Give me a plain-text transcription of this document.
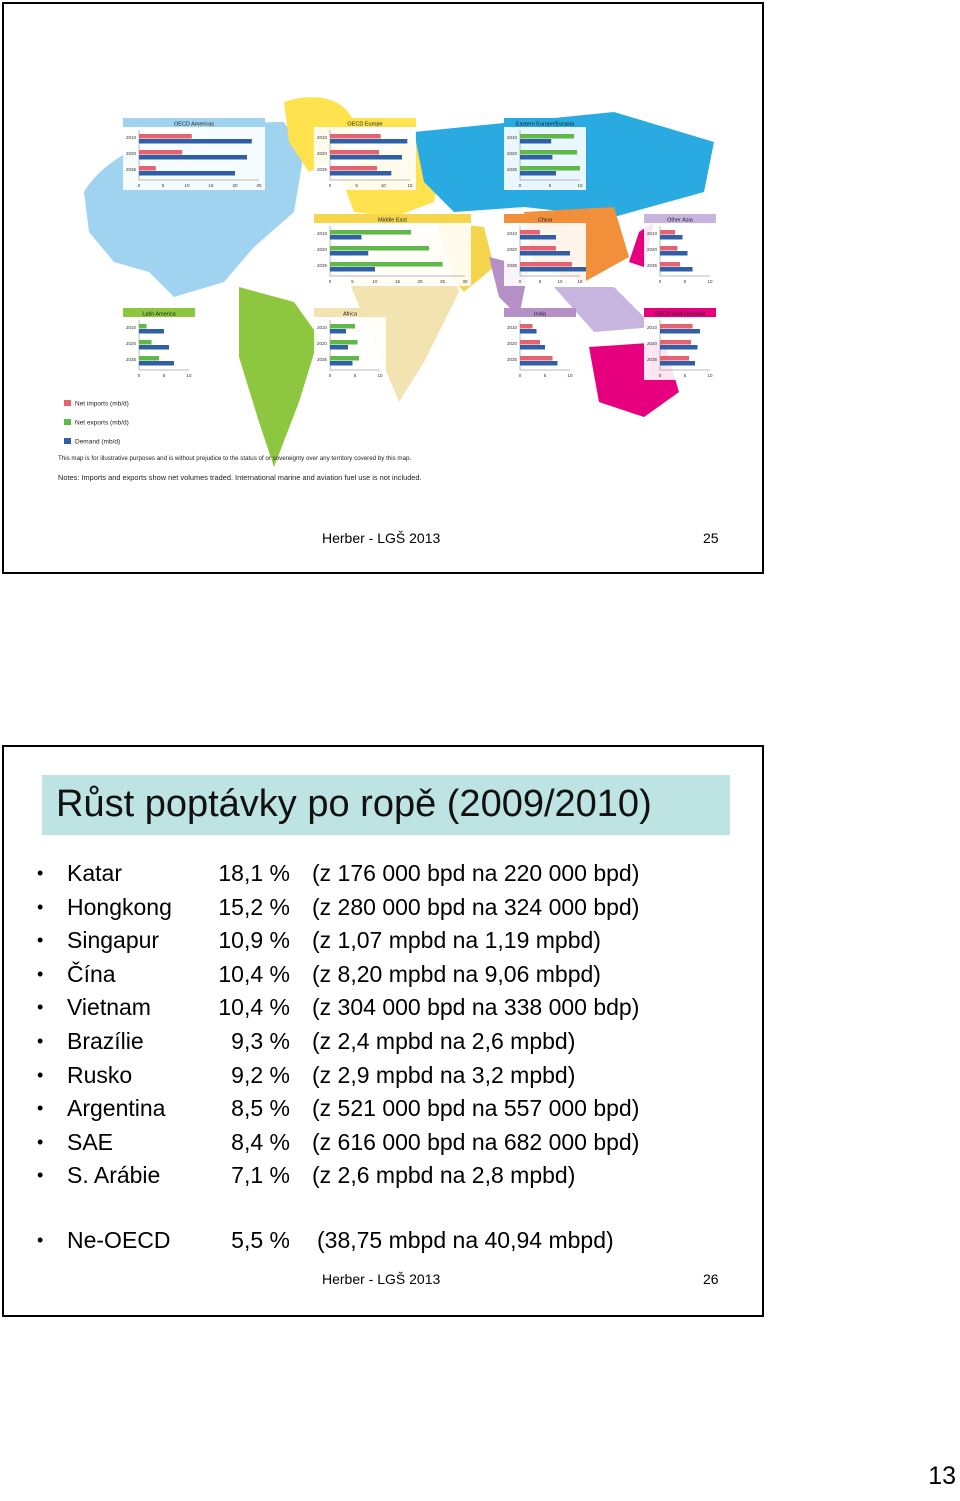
OECD Americas
0	5	10	15	20	25
2010
2020
2035
OECD Europe
0	5	10	15
2010
2020
2035
Eastern Europe/Eurasia
0	5	10
2010
2020
2035
Middle East
0	5	10	15	20	25	30
2010
2020
2035
China
0	5	10	15
2010
2020
2035
Other Asia
0	5	10
2010
2020
2035
Latin America
0	5	10
2010
2020
2035
Africa
0	5	10
2010
2020
2035
India
0	5	10
2010
2020
2035
OECD Asia Oceania
0	5	10
2010
2020
2035
Net imports (mb/d)
Net exports (mb/d)
Demand (mb/d)
This map is for illustrative purposes and is without prejudice to the status of or sovereignty over any territory covered by this map.
Notes: Imports and exports show net volumes traded. International marine and aviation fuel use is not included.
Herber - LGŠ 2013	25
Růst poptávky po ropě (2009/2010)
• Katar	18,1 % (z 176 000 bpd na 220 000 bpd)
• Hongkong	15,2 % (z 280 000 bpd na 324 000 bpd)
• Singapur	10,9 % (z 1,07 mpbd na 1,19 mpbd)
• Čína	10,4 % (z 8,20 mpbd na 9,06 mbpd)
• Vietnam	10,4 % (z 304 000 bpd na 338 000 bdp)
• Brazílie	9,3 % (z 2,4 mpbd na 2,6 mpbd)
• Rusko	9,2 % (z 2,9 mpbd na 3,2 mpbd)
• Argentina	8,5 % (z 521 000 bpd na 557 000 bpd)
• SAE	8,4 % (z 616 000 bpd na 682 000 bpd)
• S. Arábie	7,1 % (z 2,6 mpbd na 2,8 mpbd)
• Ne-OECD	5,5 % (38,75 mbpd na 40,94 mbpd)
Herber - LGŠ 2013	26
13
